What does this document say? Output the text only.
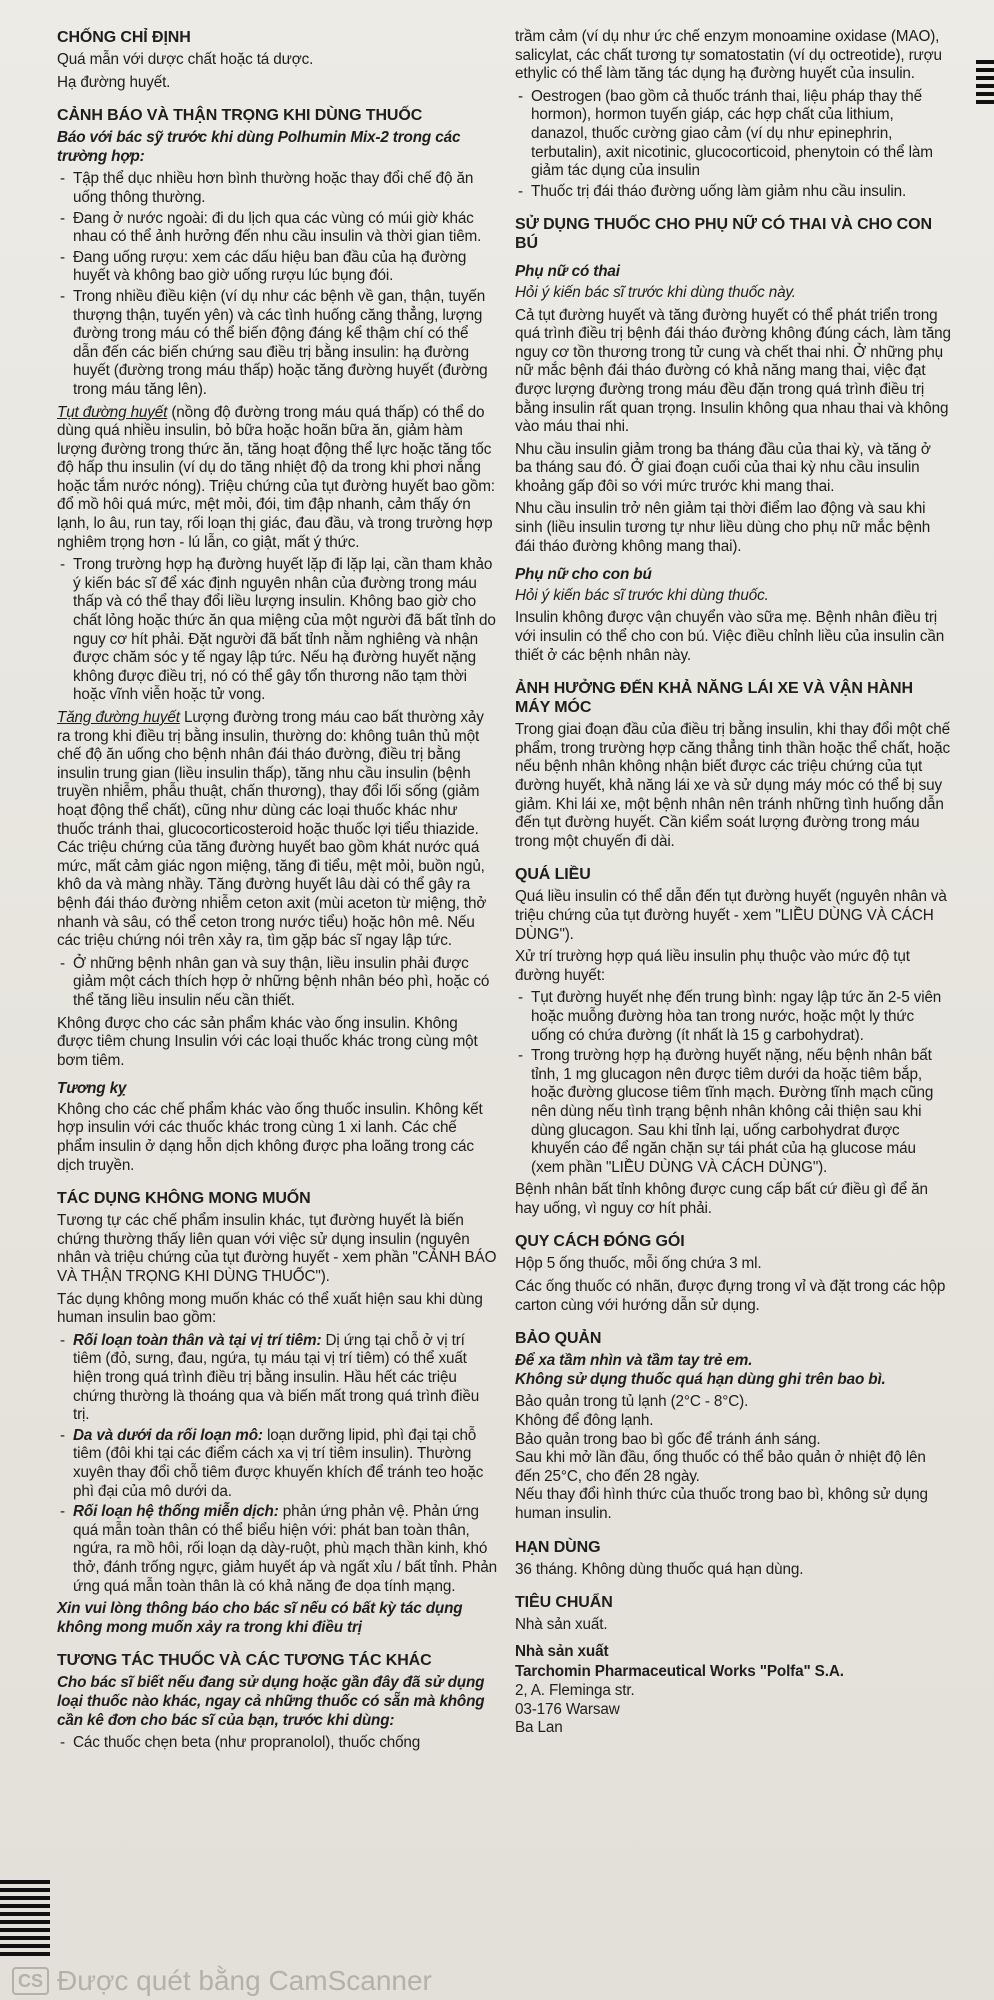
CHỐNG CHỈ ĐỊNH

Quá mẫn với dược chất hoặc tá dược.

Hạ đường huyết.

CẢNH BÁO VÀ THẬN TRỌNG KHI DÙNG THUỐC

Báo với bác sỹ trước khi dùng Polhumin Mix-2 trong các trường hợp:

- Tập thể dục nhiều hơn bình thường hoặc thay đổi chế độ ăn uống thông thường.
- Đang ở nước ngoài: đi du lịch qua các vùng có múi giờ khác nhau có thể ảnh hưởng đến nhu cầu insulin và thời gian tiêm.
- Đang uống rượu: xem các dấu hiệu ban đầu của hạ đường huyết và không bao giờ uống rượu lúc bụng đói.
- Trong nhiều điều kiện (ví dụ như các bệnh về gan, thận, tuyến thượng thận, tuyến yên) và các tình huống căng thẳng, lượng đường trong máu có thể biến động đáng kể thậm chí có thể dẫn đến các biến chứng sau điều trị bằng insulin: hạ đường huyết (đường trong máu thấp) hoặc tăng đường huyết (đường trong máu tăng lên).

Tụt đường huyết (nồng độ đường trong máu quá thấp) có thể do dùng quá nhiều insulin, bỏ bữa hoặc hoãn bữa ăn, giảm hàm lượng đường trong thức ăn, tăng hoạt động thể lực hoặc tăng tốc độ hấp thu insulin (ví dụ do tăng nhiệt độ da trong khi phơi nắng hoặc tắm nước nóng). Triệu chứng của tụt đường huyết bao gồm: đổ mồ hôi quá mức, mệt mỏi, đói, tim đập nhanh, cảm thấy ớn lạnh, lo âu, run tay, rối loạn thị giác, đau đầu, và trong trường hợp nghiêm trọng hơn - lú lẫn, co giật, mất ý thức.

- Trong trường hợp hạ đường huyết lặp đi lặp lại, cần tham khảo ý kiến bác sĩ để xác định nguyên nhân của đường trong máu thấp và có thể thay đổi liều lượng insulin. Không bao giờ cho chất lỏng hoặc thức ăn qua miệng của một người đã bất tỉnh do nguy cơ hít phải. Đặt người đã bất tỉnh nằm nghiêng và nhận được chăm sóc y tế ngay lập tức. Nếu hạ đường huyết nặng không được điều trị, nó có thể gây tổn thương não tạm thời hoặc vĩnh viễn hoặc tử vong.

Tăng đường huyết Lượng đường trong máu cao bất thường xảy ra trong khi điều trị bằng insulin, thường do: không tuân thủ một chế độ ăn uống cho bệnh nhân đái tháo đường, điều trị bằng insulin trung gian (liều insulin thấp), tăng nhu cầu insulin (bệnh truyền nhiễm, phẫu thuật, chấn thương), thay đổi lối sống (giảm hoạt động thể chất), cũng như dùng các loại thuốc khác như thuốc tránh thai, glucocorticosteroid hoặc thuốc lợi tiểu thiazide. Các triệu chứng của tăng đường huyết bao gồm khát nước quá mức, mất cảm giác ngon miệng, tăng đi tiểu, mệt mỏi, buồn ngủ, khô da và màng nhầy. Tăng đường huyết lâu dài có thể gây ra bệnh đái tháo đường nhiễm ceton axit (mùi aceton từ miệng, thở nhanh và sâu, có thể ceton trong nước tiểu) hoặc hôn mê. Nếu các triệu chứng nói trên xảy ra, tìm gặp bác sĩ ngay lập tức.

- Ở những bệnh nhân gan và suy thận, liều insulin phải được giảm một cách thích hợp ở những bệnh nhân béo phì, hoặc có thể tăng liều insulin nếu cần thiết.

Không được cho các sản phẩm khác vào ống insulin. Không được tiêm chung Insulin với các loại thuốc khác trong cùng một bơm tiêm.

Tương kỵ

Không cho các chế phẩm khác vào ống thuốc insulin. Không kết hợp insulin với các thuốc khác trong cùng 1 xi lanh. Các chế phẩm insulin ở dạng hỗn dịch không được pha loãng trong các dịch truyền.

TÁC DỤNG KHÔNG MONG MUỐN

Tương tự các chế phẩm insulin khác, tụt đường huyết là biến chứng thường thấy liên quan với việc sử dụng insulin (nguyên nhân và triệu chứng của tụt đường huyết - xem phần "CẢNH BÁO VÀ THẬN TRỌNG KHI DÙNG THUỐC").

Tác dụng không mong muốn khác có thể xuất hiện sau khi dùng human insulin bao gồm:

- Rối loạn toàn thân và tại vị trí tiêm: Dị ứng tại chỗ ở vị trí tiêm (đỏ, sưng, đau, ngứa, tụ máu tại vị trí tiêm) có thể xuất hiện trong quá trình điều trị bằng insulin. Hầu hết các triệu chứng thường là thoáng qua và biến mất trong quá trình điều trị.
- Da và dưới da rối loạn mô: loạn dưỡng lipid, phì đại tại chỗ tiêm (đôi khi tại các điểm cách xa vị trí tiêm insulin). Thường xuyên thay đổi chỗ tiêm được khuyến khích để tránh teo hoặc phì đại của mô dưới da.
- Rối loạn hệ thống miễn dịch: phản ứng phản vệ. Phản ứng quá mẫn toàn thân có thể biểu hiện với: phát ban toàn thân, ngứa, ra mồ hôi, rối loạn dạ dày-ruột, phù mạch thần kinh, khó thở, đánh trống ngực, giảm huyết áp và ngất xỉu / bất tỉnh. Phản ứng quá mẫn toàn thân là có khả năng đe dọa tính mạng.

Xin vui lòng thông báo cho bác sĩ nếu có bất kỳ tác dụng không mong muốn xảy ra trong khi điều trị

TƯƠNG TÁC THUỐC VÀ CÁC TƯƠNG TÁC KHÁC

Cho bác sĩ biết nếu đang sử dụng hoặc gần đây đã sử dụng loại thuốc nào khác, ngay cả những thuốc có sẵn mà không cần kê đơn cho bác sĩ của bạn, trước khi dùng:

- Các thuốc chẹn beta (như propranolol), thuốc chống

trầm cảm (ví dụ như ức chế enzym monoamine oxidase (MAO), salicylat, các chất tương tự somatostatin (ví dụ octreotide), rượu ethylic có thể làm tăng tác dụng hạ đường huyết của insulin.

- Oestrogen (bao gồm cả thuốc tránh thai, liệu pháp thay thế hormon), hormon tuyến giáp, các hợp chất của lithium, danazol, thuốc cường giao cảm (ví dụ như epinephrin, terbutalin), axit nicotinic, glucocorticoid, phenytoin có thể làm giảm tác dụng của insulin
- Thuốc trị đái tháo đường uống làm giảm nhu cầu insulin.
SỬ DỤNG THUỐC CHO PHỤ NỮ CÓ THAI VÀ CHO CON BÚ
Phụ nữ có thai

Hỏi ý kiến bác sĩ trước khi dùng thuốc này.

Cả tụt đường huyết và tăng đường huyết có thể phát triển trong quá trình điều trị bệnh đái tháo đường không đúng cách, làm tăng nguy cơ tồn thương trong tử cung và chết thai nhi. Ở những phụ nữ mắc bệnh đái tháo đường có khả năng mang thai, việc đạt được lượng đường trong máu đều đặn trong quá trình điều trị bằng insulin rất quan trọng. Insulin không qua nhau thai và không vào máu thai nhi.

Nhu cầu insulin giảm trong ba tháng đầu của thai kỳ, và tăng ở ba tháng sau đó. Ở giai đoạn cuối của thai kỳ nhu cầu insulin khoảng gấp đôi so với mức trước khi mang thai.

Nhu cầu insulin trở nên giảm tại thời điểm lao động và sau khi sinh (liều insulin tương tự như liều dùng cho phụ nữ mắc bệnh đái tháo đường không mang thai).

Phụ nữ cho con bú

Hỏi ý kiến bác sĩ trước khi dùng thuốc.

Insulin không được vận chuyển vào sữa mẹ. Bệnh nhân điều trị với insulin có thể cho con bú. Việc điều chỉnh liều của insulin cần thiết ở các bệnh nhân này.

ẢNH HƯỞNG ĐẾN KHẢ NĂNG LÁI XE VÀ VẬN HÀNH MÁY MÓC

Trong giai đoạn đầu của điều trị bằng insulin, khi thay đổi một chế phẩm, trong trường hợp căng thẳng tinh thần hoặc thể chất, hoặc nếu bệnh nhân không nhận biết được các triệu chứng của tụt đường huyết, khả năng lái xe và sử dụng máy móc có thể bị suy giảm. Khi lái xe, một bệnh nhân nên tránh những tình huống dẫn đến tụt đường huyết. Cần kiểm soát lượng đường trong máu trong một chuyến đi dài.

QUÁ LIỀU

Quá liều insulin có thể dẫn đến tụt đường huyết (nguyên nhân và triệu chứng của tụt đường huyết - xem "LIỀU DÙNG VÀ CÁCH DÙNG").

Xử trí trường hợp quá liều insulin phụ thuộc vào mức độ tụt đường huyết:

- Tụt đường huyết nhẹ đến trung bình: ngay lập tức ăn 2-5 viên hoặc muỗng đường hòa tan trong nước, hoặc một ly thức uống có chứa đường (ít nhất là 15 g carbohydrat).
- Trong trường hợp hạ đường huyết nặng, nếu bệnh nhân bất tỉnh, 1 mg glucagon nên được tiêm dưới da hoặc tiêm bắp, hoặc đường glucose tiêm tĩnh mạch. Đường tĩnh mạch cũng nên dùng nếu tình trạng bệnh nhân không cải thiện sau khi dùng glucagon. Sau khi tỉnh lại, uống carbohydrat được khuyến cáo để ngăn chặn sự tái phát của hạ glucose máu (xem phần "LIỀU DÙNG VÀ CÁCH DÙNG").

Bệnh nhân bất tỉnh không được cung cấp bất cứ điều gì để ăn hay uống, vì nguy cơ hít phải.

QUY CÁCH ĐÓNG GÓI

Hộp 5 ống thuốc, mỗi ống chứa 3 ml.

Các ống thuốc có nhãn, được đựng trong vỉ và đặt trong các hộp carton cùng với hướng dẫn sử dụng.

BẢO QUẢN

Để xa tầm nhìn và tầm tay trẻ em.

Không sử dụng thuốc quá hạn dùng ghi trên bao bì.

Bảo quản trong tủ lạnh (2°C - 8°C).

Không để đông lạnh.

Bảo quản trong bao bì gốc để tránh ánh sáng.

Sau khi mở lần đầu, ống thuốc có thể bảo quản ở nhiệt độ lên đến 25°C, cho đến 28 ngày.

Nếu thay đổi hình thức của thuốc trong bao bì, không sử dụng human insulin.

HẠN DÙNG

36 tháng. Không dùng thuốc quá hạn dùng.

TIÊU CHUẨN

Nhà sản xuất.

Nhà sản xuất

Tarchomin Pharmaceutical Works "Polfa" S.A.

2, A. Fleminga str.

03-176 Warsaw

Ba Lan

CS Được quét bằng CamScanner
